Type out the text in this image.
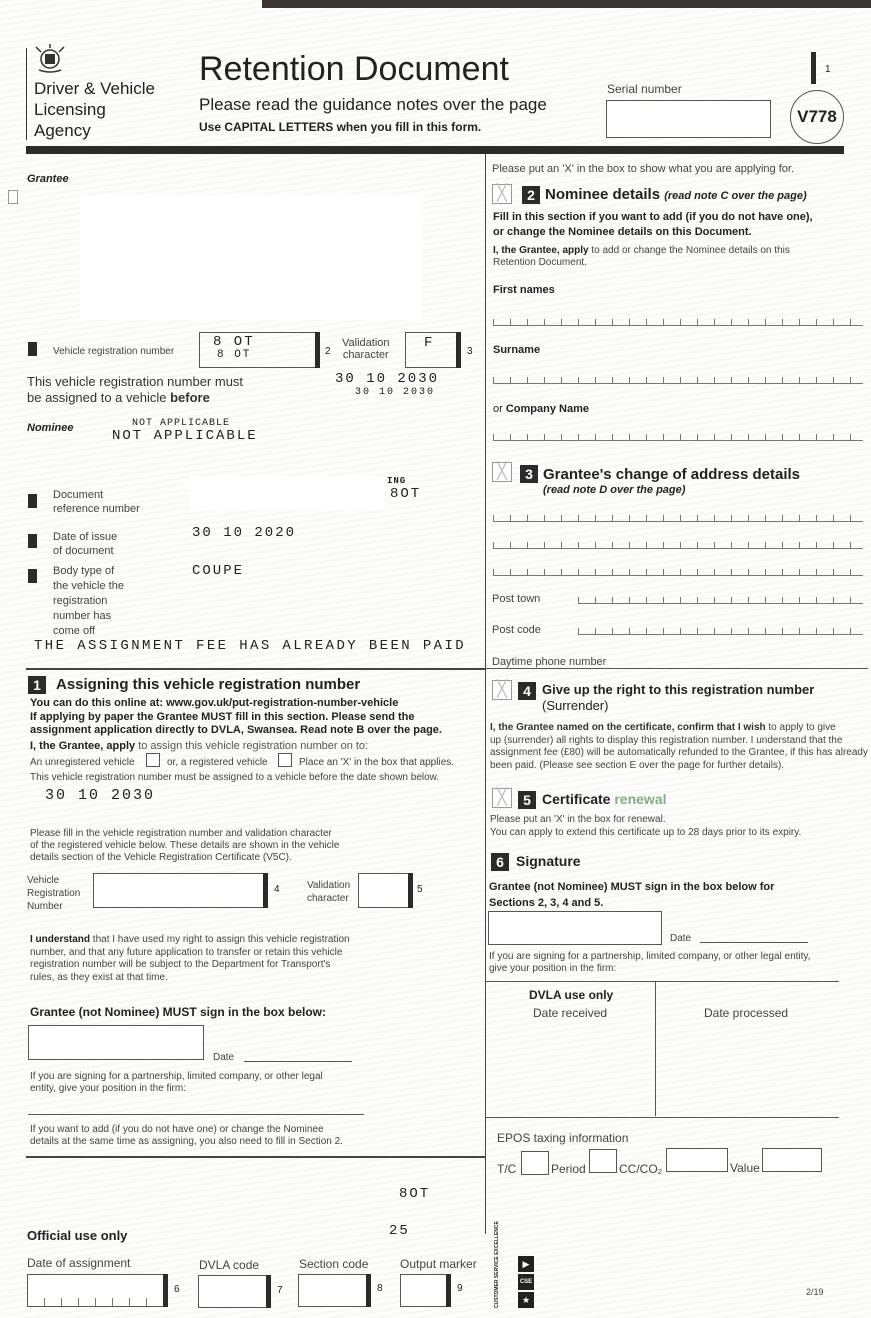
Driver & Vehicle
Licensing
Agency
Retention Document
Please read the guidance notes over the page
Use CAPITAL LETTERS when you fill in this form.
Serial number
1
V778
Grantee
Vehicle registration number
8 OT
8 OT	2
Validation
character
F
3
This vehicle registration number must
be assigned to a vehicle before
30 10 2030
30 10 2030
Nominee	NOT APPLICABLE
NOT APPLICABLE
Document
reference number
ING
8OT
Date of issue
of document
30 10 2020
Body type of
the vehicle the
registration
number has
come off
COUPE
THE ASSIGNMENT FEE HAS ALREADY BEEN PAID
1	Assigning this vehicle registration number
You can do this online at: www.gov.uk/put-registration-number-vehicle
If applying by paper the Grantee MUST fill in this section. Please send the
assignment application directly to DVLA, Swansea. Read note B over the page.
I, the Grantee, apply to assign this vehicle registration number on to:
An unregistered vehicle	or, a registered vehicle	Place an 'X' in the box that applies.
This vehicle registration number must be assigned to a vehicle before the date shown below.
30 10 2030
Please fill in the vehicle registration number and validation character
of the registered vehicle below. These details are shown in the vehicle
details section of the Vehicle Registration Certificate (V5C).
Vehicle
Registration
Number
4	Validation
character
5
I understand that I have used my right to assign this vehicle registration
number, and that any future application to transfer or retain this vehicle
registration number will be subject to the Department for Transport's
rules, as they exist at that time.
Grantee (not Nominee) MUST sign in the box below:
Date
If you are signing for a partnership, limited company, or other legal
entity, give your position in the firm:
If you want to add (if you do not have one) or change the Nominee
details at the same time as assigning, you also need to fill in Section 2.
Please put an 'X' in the box to show what you are applying for.
╳	2 Nominee details (read note C over the page)
Fill in this section if you want to add (if you do not have one),
or change the Nominee details on this Document.
I, the Grantee, apply to add or change the Nominee details on this
Retention Document.
First names
Surname
or Company Name
╳	3 Grantee's change of address details
(read note D over the page)
Post town
Post code
Daytime phone number
╳	4 Give up the right to this registration number
(Surrender)
I, the Grantee named on the certificate, confirm that I wish to apply to give
up (surrender) all rights to display this registration number. I understand that the
assignment fee (£80) will be automatically refunded to the Grantee, if this has already
been paid. (Please see section E over the page for further details).
╳	5 Certificate renewal
Please put an 'X' in the box for renewal.
You can apply to extend this certificate up to 28 days prior to its expiry.
6 Signature
Grantee (not Nominee) MUST sign in the box below for
Sections 2, 3, 4 and 5.
Date
If you are signing for a partnership, limited company, or other legal entity,
give your position in the firm:
DVLA use only
Date received	Date processed
EPOS taxing information
T/C	Period	CC/CO₂	Value
8OT
25
Official use only
Date of assignment
6
DVLA code
7
Section code
8
Output marker
9	CUSTOMER SERVICE EXCELLENCE	▶
CSE
★
2/19
